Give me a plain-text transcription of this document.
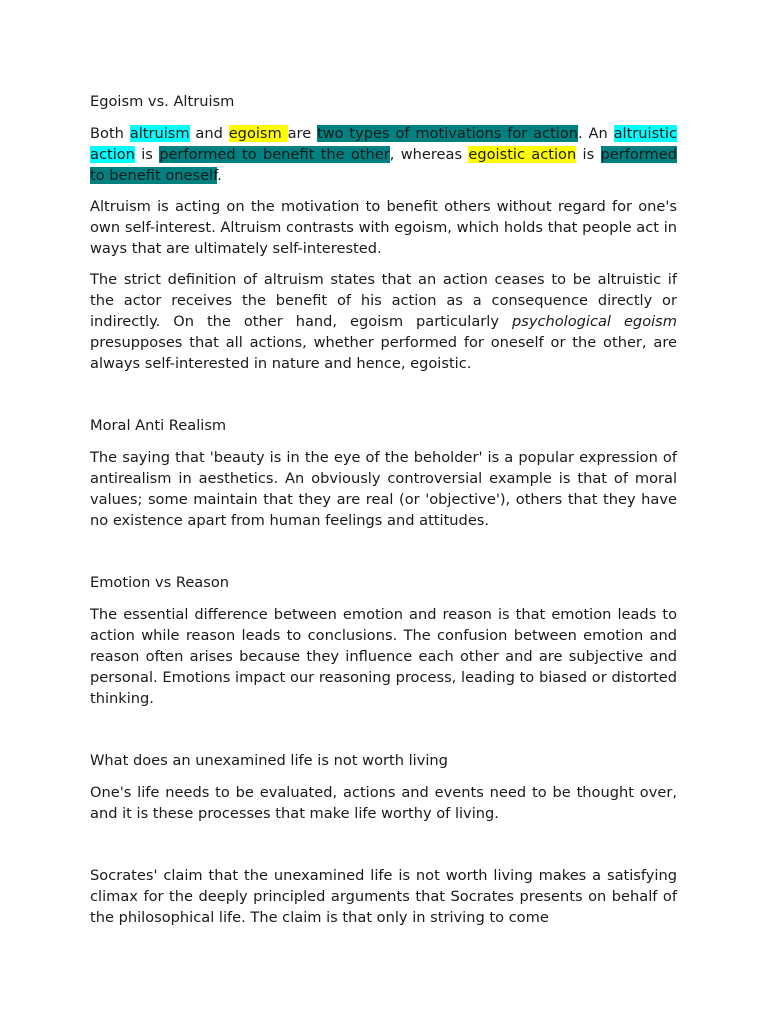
Egoism vs. Altruism

Both altruism and egoism are two types of motivations for action. An altruistic action is performed to benefit the other, whereas egoistic action is performed to benefit oneself.

Altruism is acting on the motivation to benefit others without regard for one's own self-interest. Altruism contrasts with egoism, which holds that people act in ways that are ultimately self-interested.

The strict definition of altruism states that an action ceases to be altruistic if the actor receives the benefit of his action as a consequence directly or indirectly. On the other hand, egoism particularly psychological egoism presupposes that all actions, whether performed for oneself or the other, are always self-interested in nature and hence, egoistic.

Moral Anti Realism

The saying that 'beauty is in the eye of the beholder' is a popular expression of antirealism in aesthetics. An obviously controversial example is that of moral values; some maintain that they are real (or 'objective'), others that they have no existence apart from human feelings and attitudes.

Emotion vs Reason

The essential difference between emotion and reason is that emotion leads to action while reason leads to conclusions. The confusion between emotion and reason often arises because they influence each other and are subjective and personal. Emotions impact our reasoning process, leading to biased or distorted thinking.

What does an unexamined life is not worth living

One's life needs to be evaluated, actions and events need to be thought over, and it is these processes that make life worthy of living.

Socrates' claim that the unexamined life is not worth living makes a satisfying climax for the deeply principled arguments that Socrates presents on behalf of the philosophical life. The claim is that only in striving to come
